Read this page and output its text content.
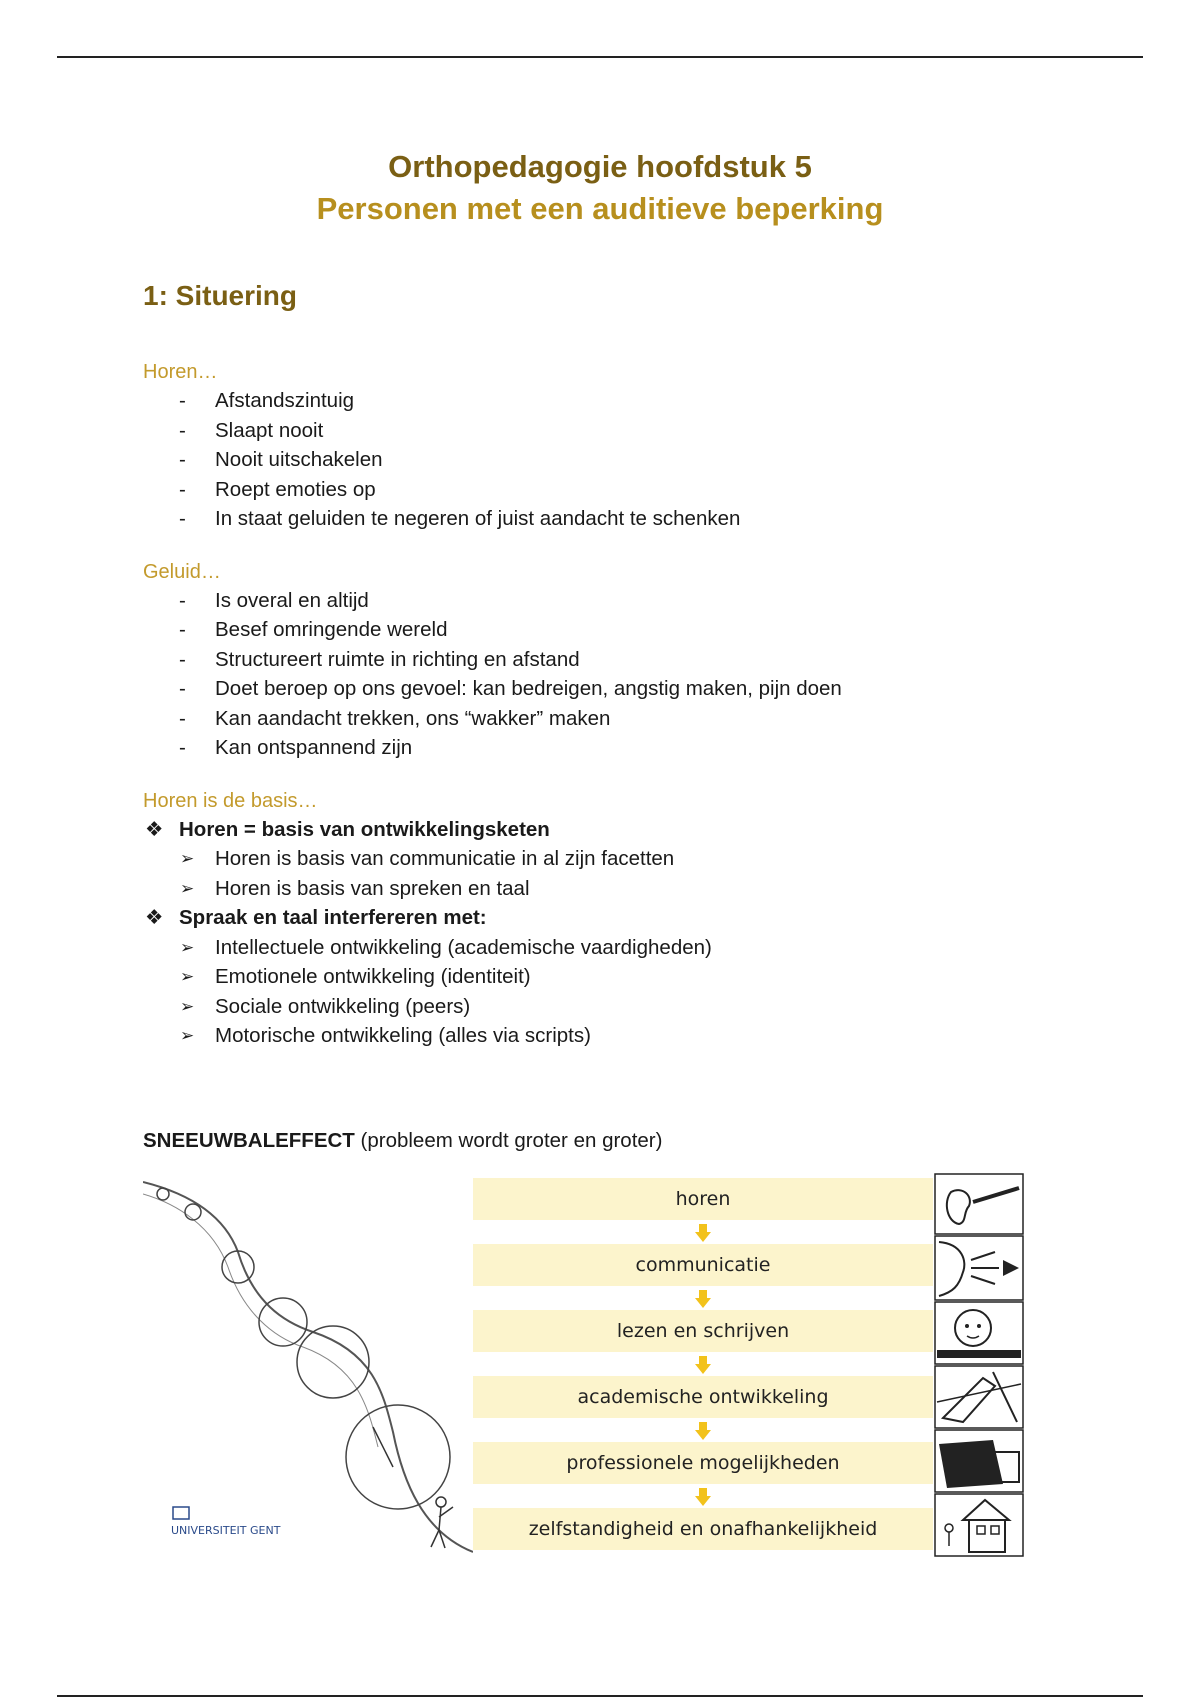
Orthopedagogie hoofdstuk 5
Personen met een auditieve beperking
1: Situering

Horen…

- Afstandszintuig
- Slaapt nooit
- Nooit uitschakelen
- Roept emoties op
- In staat geluiden te negeren of juist aandacht te schenken

Geluid…

- Is overal en altijd
- Besef omringende wereld
- Structureert ruimte in richting en afstand
- Doet beroep op ons gevoel: kan bedreigen, angstig maken, pijn doen
- Kan aandacht trekken, ons “wakker” maken
- Kan ontspannend zijn

Horen is de basis…

❖ Horen = basis van ontwikkelingsketen
➢ Horen is basis van communicatie in al zijn facetten
➢ Horen is basis van spreken en taal
❖ Spraak en taal interfereren met:
➢ Intellectuele ontwikkeling (academische vaardigheden)
➢ Emotionele ontwikkeling (identiteit)
➢ Sociale ontwikkeling (peers)
➢ Motorische ontwikkeling (alles via scripts)
SNEEUWBALEFFECT (probleem wordt groter en groter)
UNIVERSITEIT GENT
horen
communicatie
lezen en schrijven
academische ontwikkeling
professionele mogelijkheden
zelfstandigheid en onafhankelijkheid
